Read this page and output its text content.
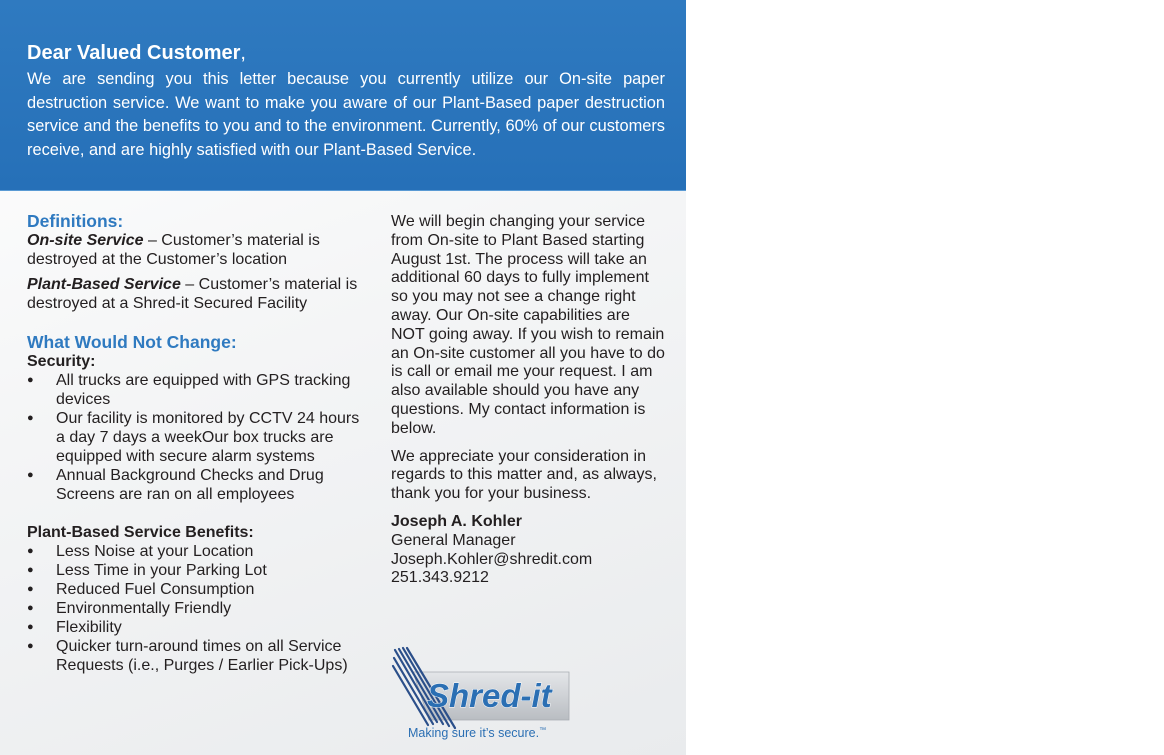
Dear Valued Customer,
We are sending you this letter because you currently utilize our On-site paper destruction service. We want to make you aware of our Plant-Based paper destruction service and the benefits to you and to the environment. Currently, 60% of our customers receive, and are highly satisfied with our Plant-Based Service.
Definitions:

On-site Service – Customer’s material is destroyed at the Customer’s location

Plant-Based Service – Customer’s material is destroyed at a Shred-it Secured Facility

What Would Not Change:
Security:
● All trucks are equipped with GPS tracking devices
● Our facility is monitored by CCTV 24 hours a day 7 days a weekOur box trucks are equipped with secure alarm systems
● Annual Background Checks and Drug Screens are ran on all employees
Plant-Based Service Benefits:
● Less Noise at your Location
● Less Time in your Parking Lot
● Reduced Fuel Consumption
● Environmentally Friendly
● Flexibility
● Quicker turn-around times on all Service Requests (i.e., Purges / Earlier Pick-Ups)

We will begin changing your service from On-site to Plant Based starting August 1st. The process will take an additional 60 days to fully implement so you may not see a change right away. Our On-site capabilities are NOT going away. If you wish to remain an On-site customer all you have to do is call or email me your request. I am also available should you have any questions. My contact information is below.

We appreciate your consideration in regards to this matter and, as always, thank you for your business.

Joseph A. Kohler
General Manager
Joseph.Kohler@shredit.com
251.343.9212
Shred-it
Making sure it’s secure.™
